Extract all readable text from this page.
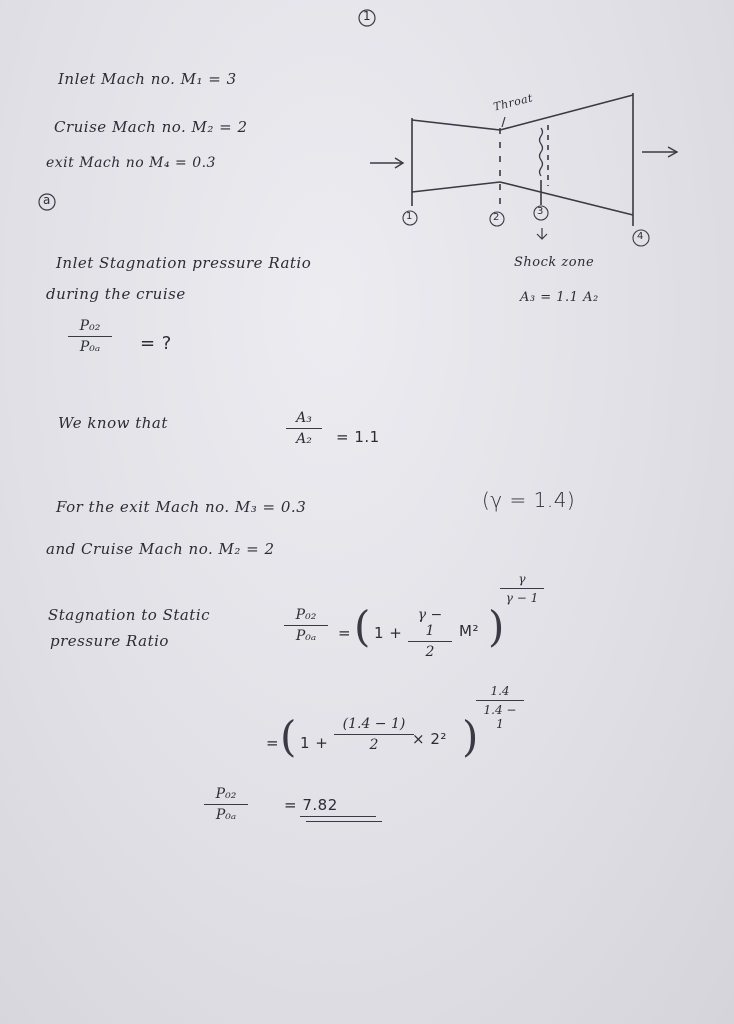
1
Inlet Mach no. M₁ = 3
Cruise Mach no. M₂ = 2
exit Mach no M₄ = 0.3
a
Throat
1	2
3
4
Shock zone
A₃ = 1.1 A₂
Inlet Stagnation pressure Ratio
during the cruise
P₀₂
P₀ₐ	= ?
We know that	A₃
A₂	= 1.1
For the exit Mach no. M₃ = 0.3	(γ = 1.4)
and Cruise Mach no. M₂ = 2
Stagnation to Static
pressure Ratio
P₀₂
P₀ₐ	= ( 1 +
γ − 1
2
M² )
γ
γ − 1
= ( 1 +
(1.4 − 1)
2	× 2² )
1.4
1.4 − 1
P₀₂
P₀ₐ
= 7.82
